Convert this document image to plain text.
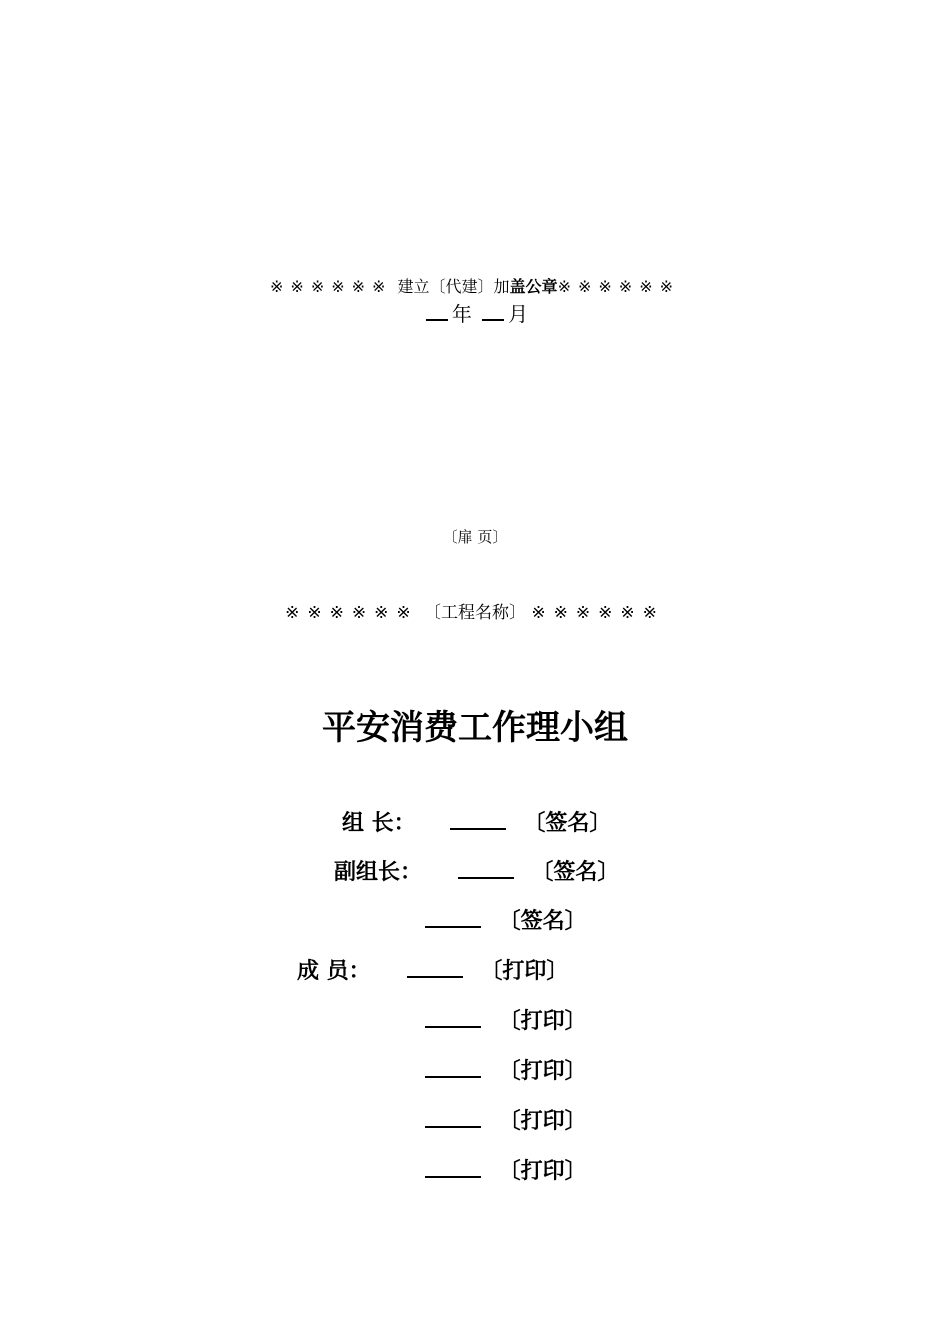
※※※※※※ 建立〔代建〕加盖公章※※※※※※
年 月
〔扉 页〕
※※※※※※ 〔工程名称〕 ※※※※※※
平安消费工作理小组
组 长：	〔签名〕
副组长：	〔签名〕
〔签名〕
成 员：	〔打印〕
〔打印〕
〔打印〕
〔打印〕
〔打印〕
